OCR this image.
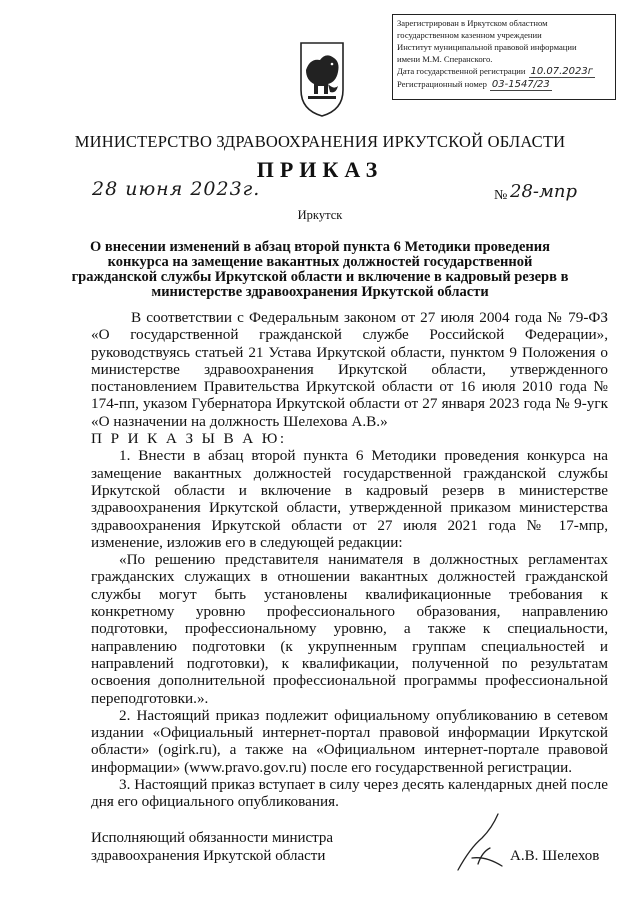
Зарегистрирован в Иркутском областном
государственном казенном учреждении
Институт муниципальной правовой информации
имени М.М. Сперанского.
Дата государственной регистрации 10.07.2023г
Регистрационный номер 03-1547/23
МИНИСТЕРСТВО ЗДРАВООХРАНЕНИЯ ИРКУТСКОЙ ОБЛАСТИ
ПРИКАЗ
28 июня 2023г.	№ 28-мпр
Иркутск
О внесении изменений в абзац второй пункта 6 Методики проведения конкурса на замещение вакантных должностей государственной гражданской службы Иркутской области и включение в кадровый резерв в министерстве здравоохранения Иркутской области

В соответствии с Федеральным законом от 27 июля 2004 года № 79-ФЗ «О государственной гражданской службе Российской Федерации», руководствуясь статьей 21 Устава Иркутской области, пунктом 9 Положения о министерстве здравоохранения Иркутской области, утвержденного постановлением Правительства Иркутской области от 16 июля 2010 года № 174-пп, указом Губернатора Иркутской области от 27 января 2023 года № 9-угк «О назначении на должность Шелехова А.В.»

П Р И К А З Ы В А Ю:

1. Внести в абзац второй пункта 6 Методики проведения конкурса на замещение вакантных должностей государственной гражданской службы Иркутской области и включение в кадровый резерв в министерстве здравоохранения Иркутской области, утвержденной приказом министерства здравоохранения Иркутской области от 27 июля 2021 года № 17-мпр, изменение, изложив его в следующей редакции:

«По решению представителя нанимателя в должностных регламентах гражданских служащих в отношении вакантных должностей гражданской службы могут быть установлены квалификационные требования к конкретному уровню профессионального образования, направлению подготовки, профессиональному уровню, а также к специальности, направлению подготовки (к укрупненным группам специальностей и направлений подготовки), к квалификации, полученной по результатам освоения дополнительной профессиональной программы профессиональной переподготовки.».

2. Настоящий приказ подлежит официальному опубликованию в сетевом издании «Официальный интернет-портал правовой информации Иркутской области» (ogirk.ru), а также на «Официальном интернет-портале правовой информации» (www.pravo.gov.ru) после его государственной регистрации.

3. Настоящий приказ вступает в силу через десять календарных дней после дня его официального опубликования.

Исполняющий обязанности министра
здравоохранения Иркутской области	А.В. Шелехов
